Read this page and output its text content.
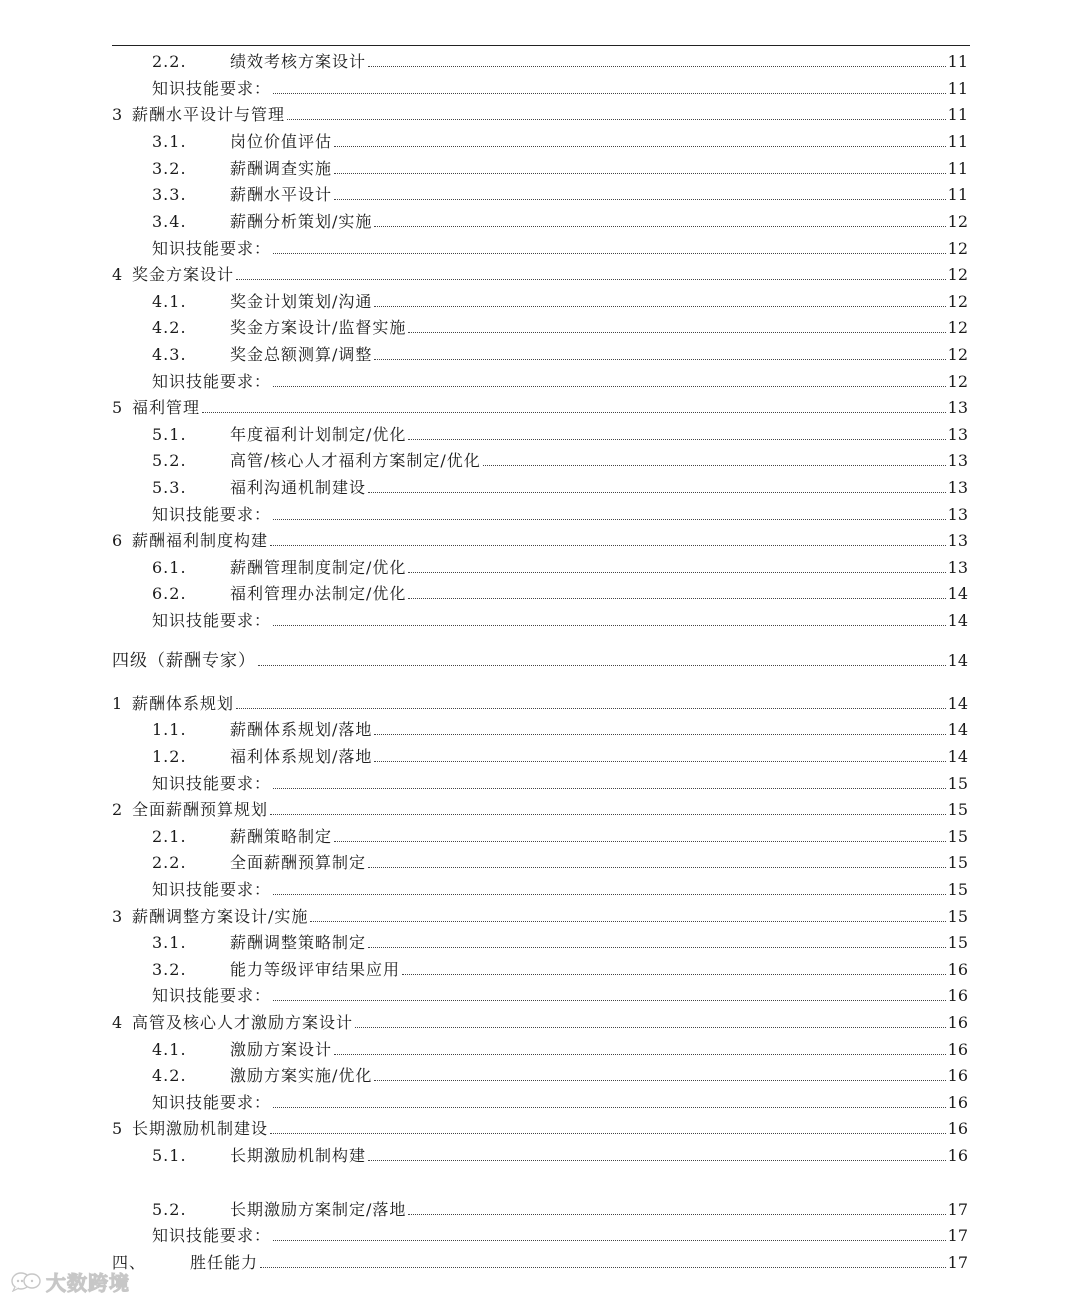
2.2.	绩效考核方案设计	11
知识技能要求：	11
3 薪酬水平设计与管理	11
3.1.	岗位价值评估	11
3.2.	薪酬调查实施	11
3.3.	薪酬水平设计	11
3.4.	薪酬分析策划/实施	12
知识技能要求：	12
4 奖金方案设计	12
4.1.	奖金计划策划/沟通	12
4.2.	奖金方案设计/监督实施	12
4.3.	奖金总额测算/调整	12
知识技能要求：	12
5 福利管理	13
5.1.	年度福利计划制定/优化	13
5.2.	高管/核心人才福利方案制定/优化	13
5.3.	福利沟通机制建设	13
知识技能要求：	13
6 薪酬福利制度构建	13
6.1.	薪酬管理制度制定/优化	13
6.2.	福利管理办法制定/优化	14
知识技能要求：	14
四级（薪酬专家）	14
1 薪酬体系规划	14
1.1.	薪酬体系规划/落地	14
1.2.	福利体系规划/落地	14
知识技能要求：	15
2 全面薪酬预算规划	15
2.1.	薪酬策略制定	15
2.2.	全面薪酬预算制定	15
知识技能要求：	15
3 薪酬调整方案设计/实施	15
3.1.	薪酬调整策略制定	15
3.2.	能力等级评审结果应用	16
知识技能要求：	16
4 高管及核心人才激励方案设计	16
4.1.	激励方案设计	16
4.2.	激励方案实施/优化	16
知识技能要求：	16
5 长期激励机制建设	16
5.1.	长期激励机制构建	16
5.2.	长期激励方案制定/落地	17
知识技能要求：	17
四、	胜任能力	17
大数跨境
